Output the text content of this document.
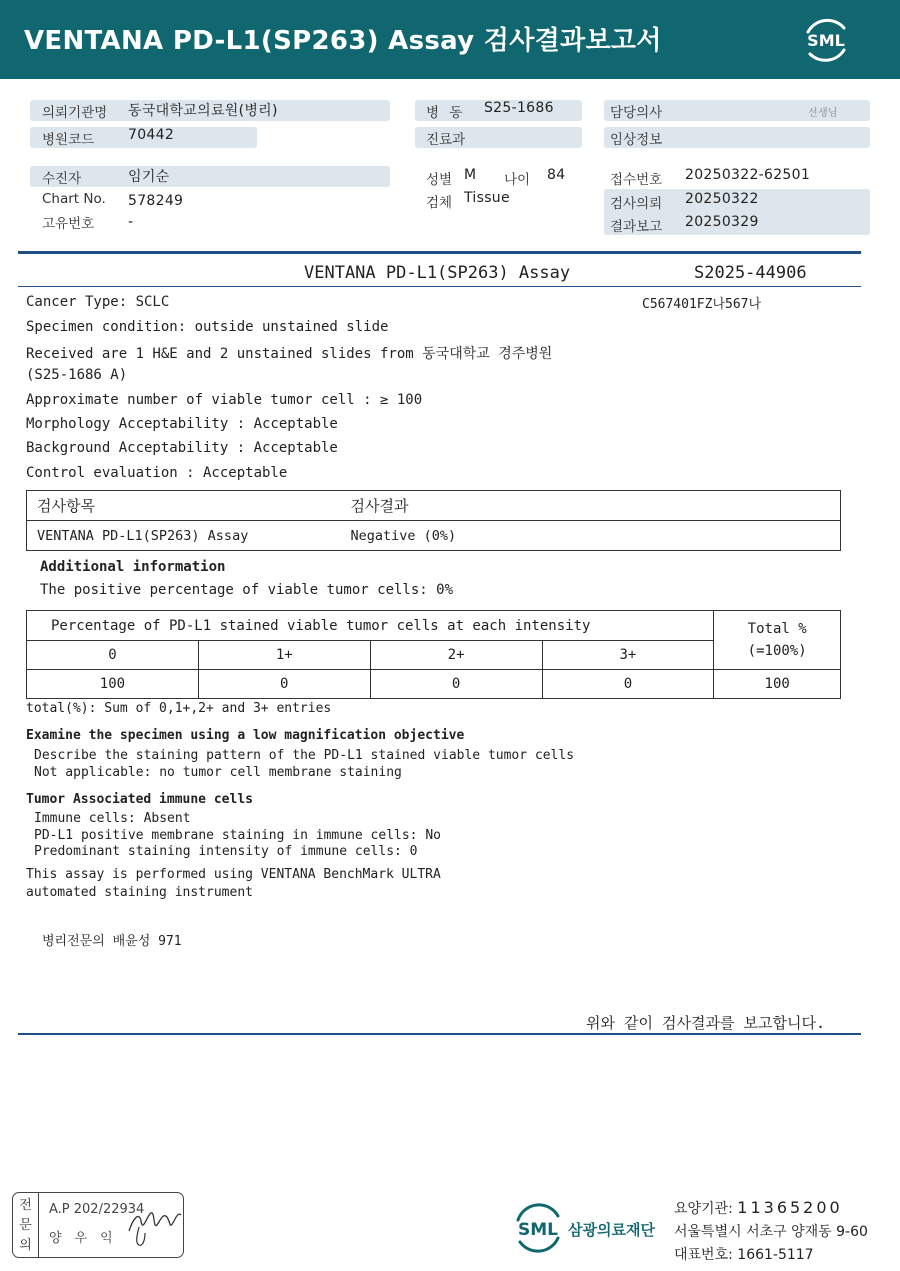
VENTANA PD-L1(SP263) Assay 검사결과보고서	SML
의뢰기관명 동국대학교의료원(병리)
병원코드 70442
병 동 S25-1686
진료과
담당의사	선생님
임상정보
수진자	임기순
Chart No. 578249
고유번호 -
성별 M 나이 84
검체 Tissue
접수번호 20250322-62501
검사의뢰 20250322
결과보고 20250329
VENTANA PD-L1(SP263) Assay	S2025-44906
C567401FZ나567나
Cancer Type: SCLC
Specimen condition: outside unstained slide
Received are 1 H&E and 2 unstained slides from 동국대학교 경주병원
(S25-1686 A)
Approximate number of viable tumor cell : ≥ 100
Morphology Acceptability : Acceptable
Background Acceptability : Acceptable
Control evaluation : Acceptable
검사항목	검사결과
VENTANA PD-L1(SP263) Assay	Negative (0%)
Additional information
The positive percentage of viable tumor cells: 0%
Percentage of PD-L1 stained viable tumor cells at each intensity				Total %
(=100%)

0	1+	2+	3+	
100	0	0	0	100
total(%): Sum of 0,1+,2+ and 3+ entries
Examine the specimen using a low magnification objective
Describe the staining pattern of the PD-L1 stained viable tumor cells
Not applicable: no tumor cell membrane staining
Tumor Associated immune cells
Immune cells: Absent
PD-L1 positive membrane staining in immune cells: No
Predominant staining intensity of immune cells: 0
This assay is performed using VENTANA BenchMark ULTRA
automated staining instrument
병리전문의 배윤성 971
위와 같이 검사결과를 보고합니다.
전
문
의
A.P 202/22934
양우익	SML 삼광의료재단
요양기관: 11365200
서울특별시 서초구 양재동 9-60
대표번호: 1661-5117
